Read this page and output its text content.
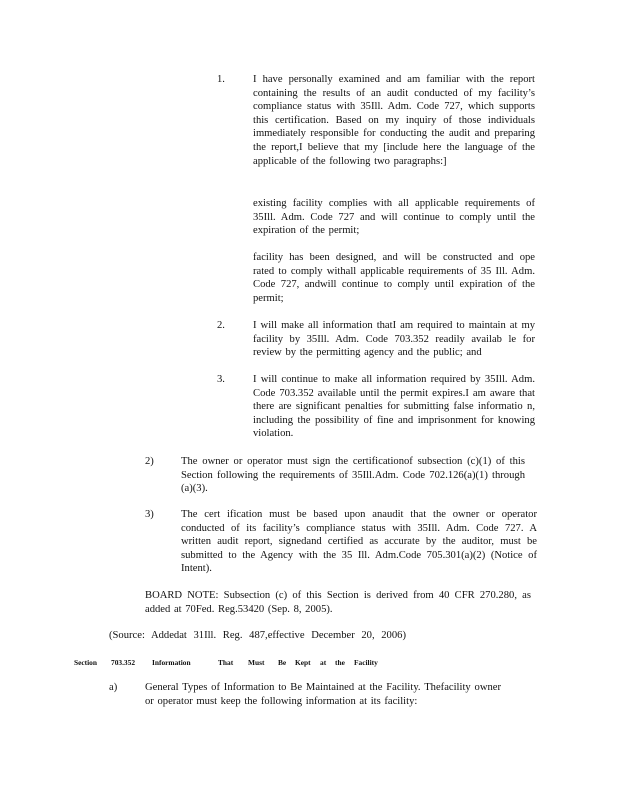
1.	I have personally examined and am familiar with the report containing the results of an audit conducted of my facility’s compliance status with 35Ill. Adm. Code 727, which supports this certification. Based on my inquiry of those individuals immediately responsible for conducting the audit and preparing the report,I believe that my [include here the language of the applicable of the following two paragraphs:]
existing facility complies with all applicable requirements of 35Ill. Adm. Code 727 and will continue to comply until the expiration of the permit;
facility has been designed, and will be constructed and ope rated to comply withall applicable requirements of 35 Ill. Adm. Code 727, andwill continue to comply until expiration of the permit;
2.	I will make all information thatI am required to maintain at my facility by 35Ill. Adm. Code 703.352 readily availab le for review by the permitting agency and the public; and
3.	I will continue to make all information required by 35Ill. Adm. Code 703.352 available until the permit expires.I am aware that there are significant penalties for submitting false informatio n, including the possibility of fine and imprisonment for knowing violation.
2)	The owner or operator must sign the certificationof subsection (c)(1) of this Section following the requirements of 35Ill.Adm. Code 702.126(a)(1) through (a)(3).
3)	The cert ification must be based upon anaudit that the owner or operator conducted of its facility’s compliance status with 35Ill. Adm. Code 727. A written audit report, signedand certified as accurate by the auditor, must be submitted to the Agency with the 35 Ill. Adm.Code 705.301(a)(2) (Notice of Intent).
BOARD NOTE: Subsection (c) of this Section is derived from 40 CFR 270.280, as added at 70Fed. Reg.53420 (Sep. 8, 2005).
(Source: Addedat 31Ill. Reg. 487,effective December 20, 2006)
Section 703.352 Information	That Must Be Kept at the Facility
a)	General Types of Information to Be Maintained at the Facility. Thefacility owner or operator must keep the following information at its facility:
